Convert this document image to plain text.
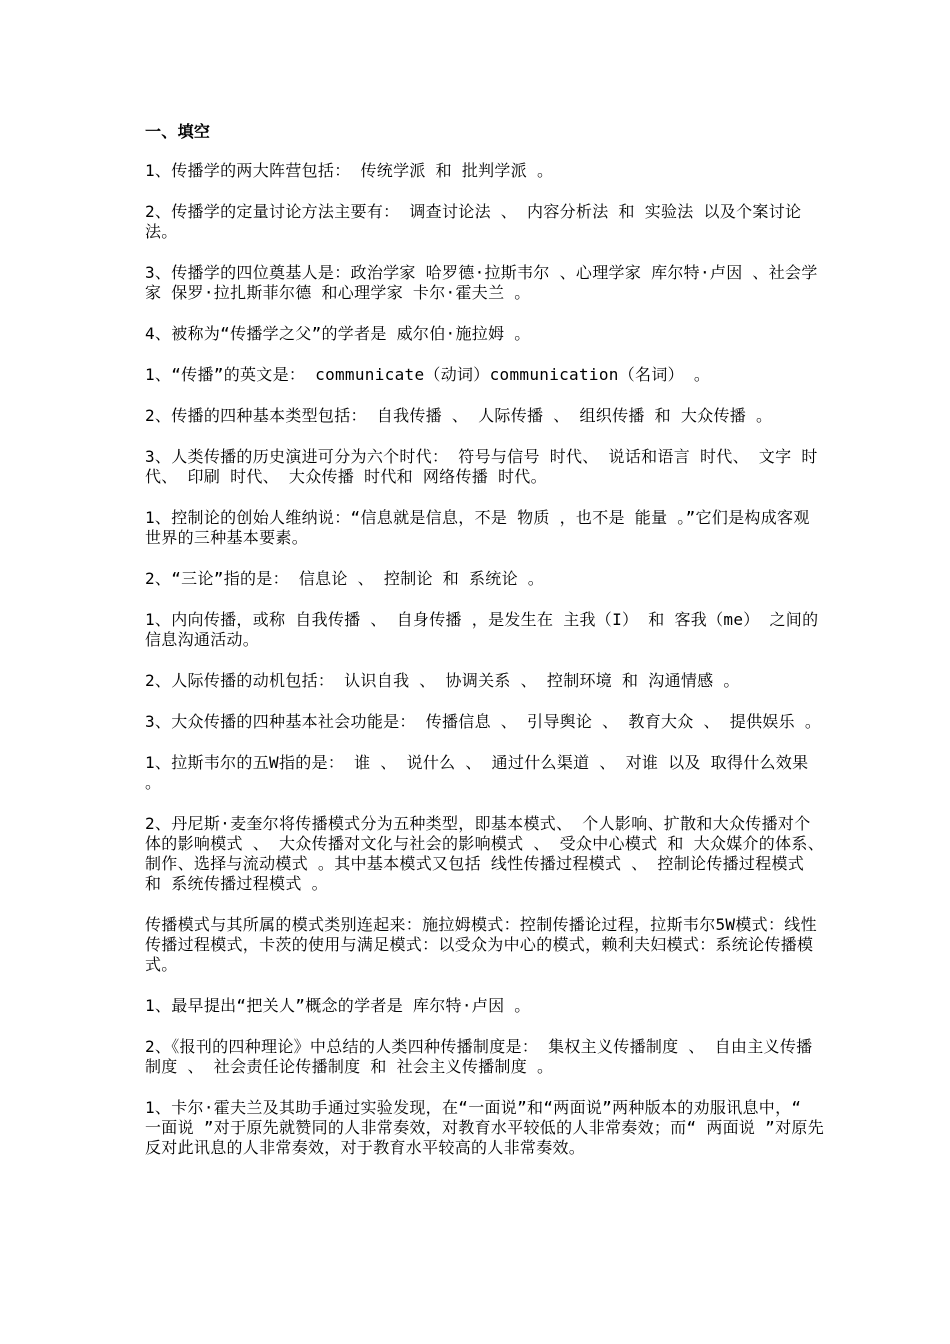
一、填空
1、传播学的两大阵营包括： 传统学派 和 批判学派 。
2、传播学的定量讨论方法主要有： 调查讨论法 、 内容分析法 和 实验法 以及个案讨论法。
3、传播学的四位奠基人是：政治学家 哈罗德·拉斯韦尔 、心理学家 库尔特·卢因 、社会学家 保罗·拉扎斯菲尔德 和心理学家 卡尔·霍夫兰 。
4、被称为“传播学之父”的学者是 威尔伯·施拉姆 。
1、“传播”的英文是： communicate（动词）communication（名词） 。
2、传播的四种基本类型包括： 自我传播 、 人际传播 、 组织传播 和 大众传播 。
3、人类传播的历史演进可分为六个时代： 符号与信号 时代、 说话和语言 时代、 文字 时代、 印刷 时代、 大众传播 时代和 网络传播 时代。
1、控制论的创始人维纳说：“信息就是信息，不是 物质 ，也不是 能量 。”它们是构成客观世界的三种基本要素。
2、“三论”指的是： 信息论 、 控制论 和 系统论 。
1、内向传播，或称 自我传播 、 自身传播 ，是发生在 主我（I） 和 客我（me） 之间的信息沟通活动。
2、人际传播的动机包括： 认识自我 、 协调关系 、 控制环境 和 沟通情感 。
3、大众传播的四种基本社会功能是： 传播信息 、 引导舆论 、 教育大众 、 提供娱乐 。
1、拉斯韦尔的五W指的是： 谁 、 说什么 、 通过什么渠道 、 对谁 以及 取得什么效果 。
2、丹尼斯·麦奎尔将传播模式分为五种类型，即基本模式、 个人影响、扩散和大众传播对个体的影响模式 、 大众传播对文化与社会的影响模式 、 受众中心模式 和 大众媒介的体系、制作、选择与流动模式 。其中基本模式又包括 线性传播过程模式 、 控制论传播过程模式 和 系统传播过程模式 。
传播模式与其所属的模式类别连起来：施拉姆模式：控制传播论过程，拉斯韦尔5W模式：线性传播过程模式，卡茨的使用与满足模式：以受众为中心的模式，赖利夫妇模式：系统论传播模式。
1、最早提出“把关人”概念的学者是 库尔特·卢因 。
2、《报刊的四种理论》中总结的人类四种传播制度是： 集权主义传播制度 、 自由主义传播制度 、 社会责任论传播制度 和 社会主义传播制度 。
1、卡尔·霍夫兰及其助手通过实验发现，在“一面说”和“两面说”两种版本的劝服讯息中，“ 一面说 ”对于原先就赞同的人非常奏效，对教育水平较低的人非常奏效；而“ 两面说 ”对原先反对此讯息的人非常奏效，对于教育水平较高的人非常奏效。
